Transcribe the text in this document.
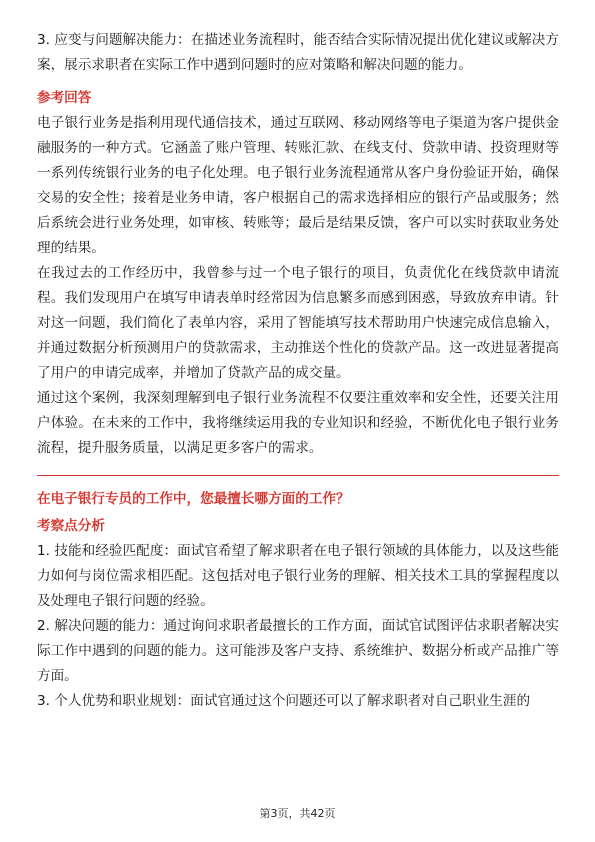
3. 应变与问题解决能力：在描述业务流程时，能否结合实际情况提出优化建议或解决方案，展示求职者在实际工作中遇到问题时的应对策略和解决问题的能力。

参考回答

电子银行业务是指利用现代通信技术，通过互联网、移动网络等电子渠道为客户提供金融服务的一种方式。它涵盖了账户管理、转账汇款、在线支付、贷款申请、投资理财等一系列传统银行业务的电子化处理。电子银行业务流程通常从客户身份验证开始，确保交易的安全性；接着是业务申请，客户根据自己的需求选择相应的银行产品或服务；然后系统会进行业务处理，如审核、转账等；最后是结果反馈，客户可以实时获取业务处理的结果。

在我过去的工作经历中，我曾参与过一个电子银行的项目，负责优化在线贷款申请流程。我们发现用户在填写申请表单时经常因为信息繁多而感到困惑，导致放弃申请。针对这一问题，我们简化了表单内容，采用了智能填写技术帮助用户快速完成信息输入，并通过数据分析预测用户的贷款需求，主动推送个性化的贷款产品。这一改进显著提高了用户的申请完成率，并增加了贷款产品的成交量。

通过这个案例，我深刻理解到电子银行业务流程不仅要注重效率和安全性，还要关注用户体验。在未来的工作中，我将继续运用我的专业知识和经验，不断优化电子银行业务流程，提升服务质量，以满足更多客户的需求。

在电子银行专员的工作中，您最擅长哪方面的工作？
考察点分析

1. 技能和经验匹配度：面试官希望了解求职者在电子银行领域的具体能力，以及这些能力如何与岗位需求相匹配。这包括对电子银行业务的理解、相关技术工具的掌握程度以及处理电子银行问题的经验。

2. 解决问题的能力：通过询问求职者最擅长的工作方面，面试官试图评估求职者解决实际工作中遇到的问题的能力。这可能涉及客户支持、系统维护、数据分析或产品推广等方面。

3. 个人优势和职业规划：面试官通过这个问题还可以了解求职者对自己职业生涯的

第3页，共42页
